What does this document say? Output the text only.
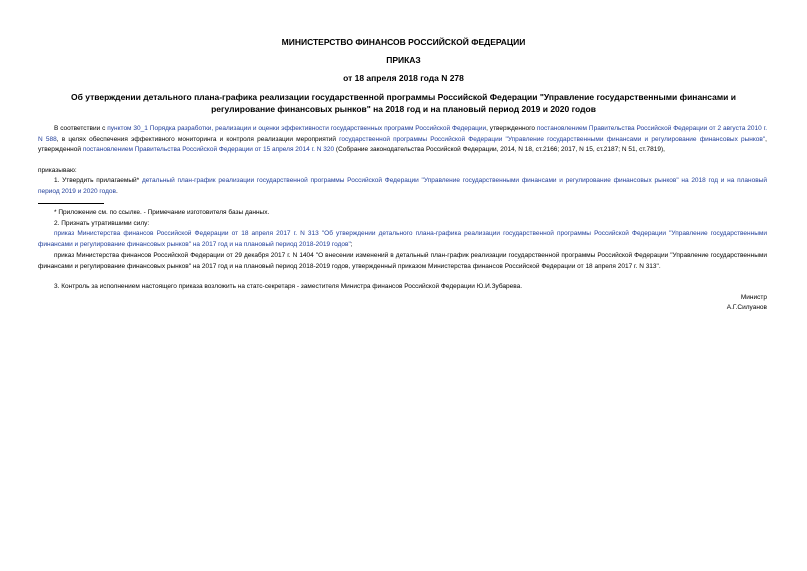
МИНИСТЕРСТВО ФИНАНСОВ РОССИЙСКОЙ ФЕДЕРАЦИИ
ПРИКАЗ
от 18 апреля 2018 года N 278
Об утверждении детального плана-графика реализации государственной программы Российской Федерации "Управление государственными финансами и регулирование финансовых рынков" на 2018 год и на плановый период 2019 и 2020 годов
В соответствии с пунктом 30_1 Порядка разработки, реализации и оценки эффективности государственных программ Российской Федерации, утвержденного постановлением Правительства Российской Федерации от 2 августа 2010 г. N 588, в целях обеспечения эффективного мониторинга и контроля реализации мероприятий государственной программы Российской Федерации "Управление государственными финансами и регулирование финансовых рынков", утвержденной постановлением Правительства Российской Федерации от 15 апреля 2014 г. N 320 (Собрание законодательства Российской Федерации, 2014, N 18, ст.2166; 2017, N 15, ст.2187; N 51, ст.7819),
приказываю:
1. Утвердить прилагаемый* детальный план-график реализации государственной программы Российской Федерации "Управление государственными финансами и регулирование финансовых рынков" на 2018 год и на плановый период 2019 и 2020 годов.
* Приложение см. по ссылке. - Примечание изготовителя базы данных.
2. Признать утратившими силу:
приказ Министерства финансов Российской Федерации от 18 апреля 2017 г. N 313 "Об утверждении детального плана-графика реализации государственной программы Российской Федерации "Управление государственными финансами и регулирование финансовых рынков" на 2017 год и на плановый период 2018-2019 годов";
приказ Министерства финансов Российской Федерации от 29 декабря 2017 г. N 1404 "О внесении изменений в детальный план-график реализации государственной программы Российской Федерации "Управление государственными финансами и регулирование финансовых рынков" на 2017 год и на плановый период 2018-2019 годов, утвержденный приказом Министерства финансов Российской Федерации от 18 апреля 2017 г. N 313".
3. Контроль за исполнением настоящего приказа возложить на статс-секретаря - заместителя Министра финансов Российской Федерации Ю.И.Зубарева.
Министр
А.Г.Силуанов
